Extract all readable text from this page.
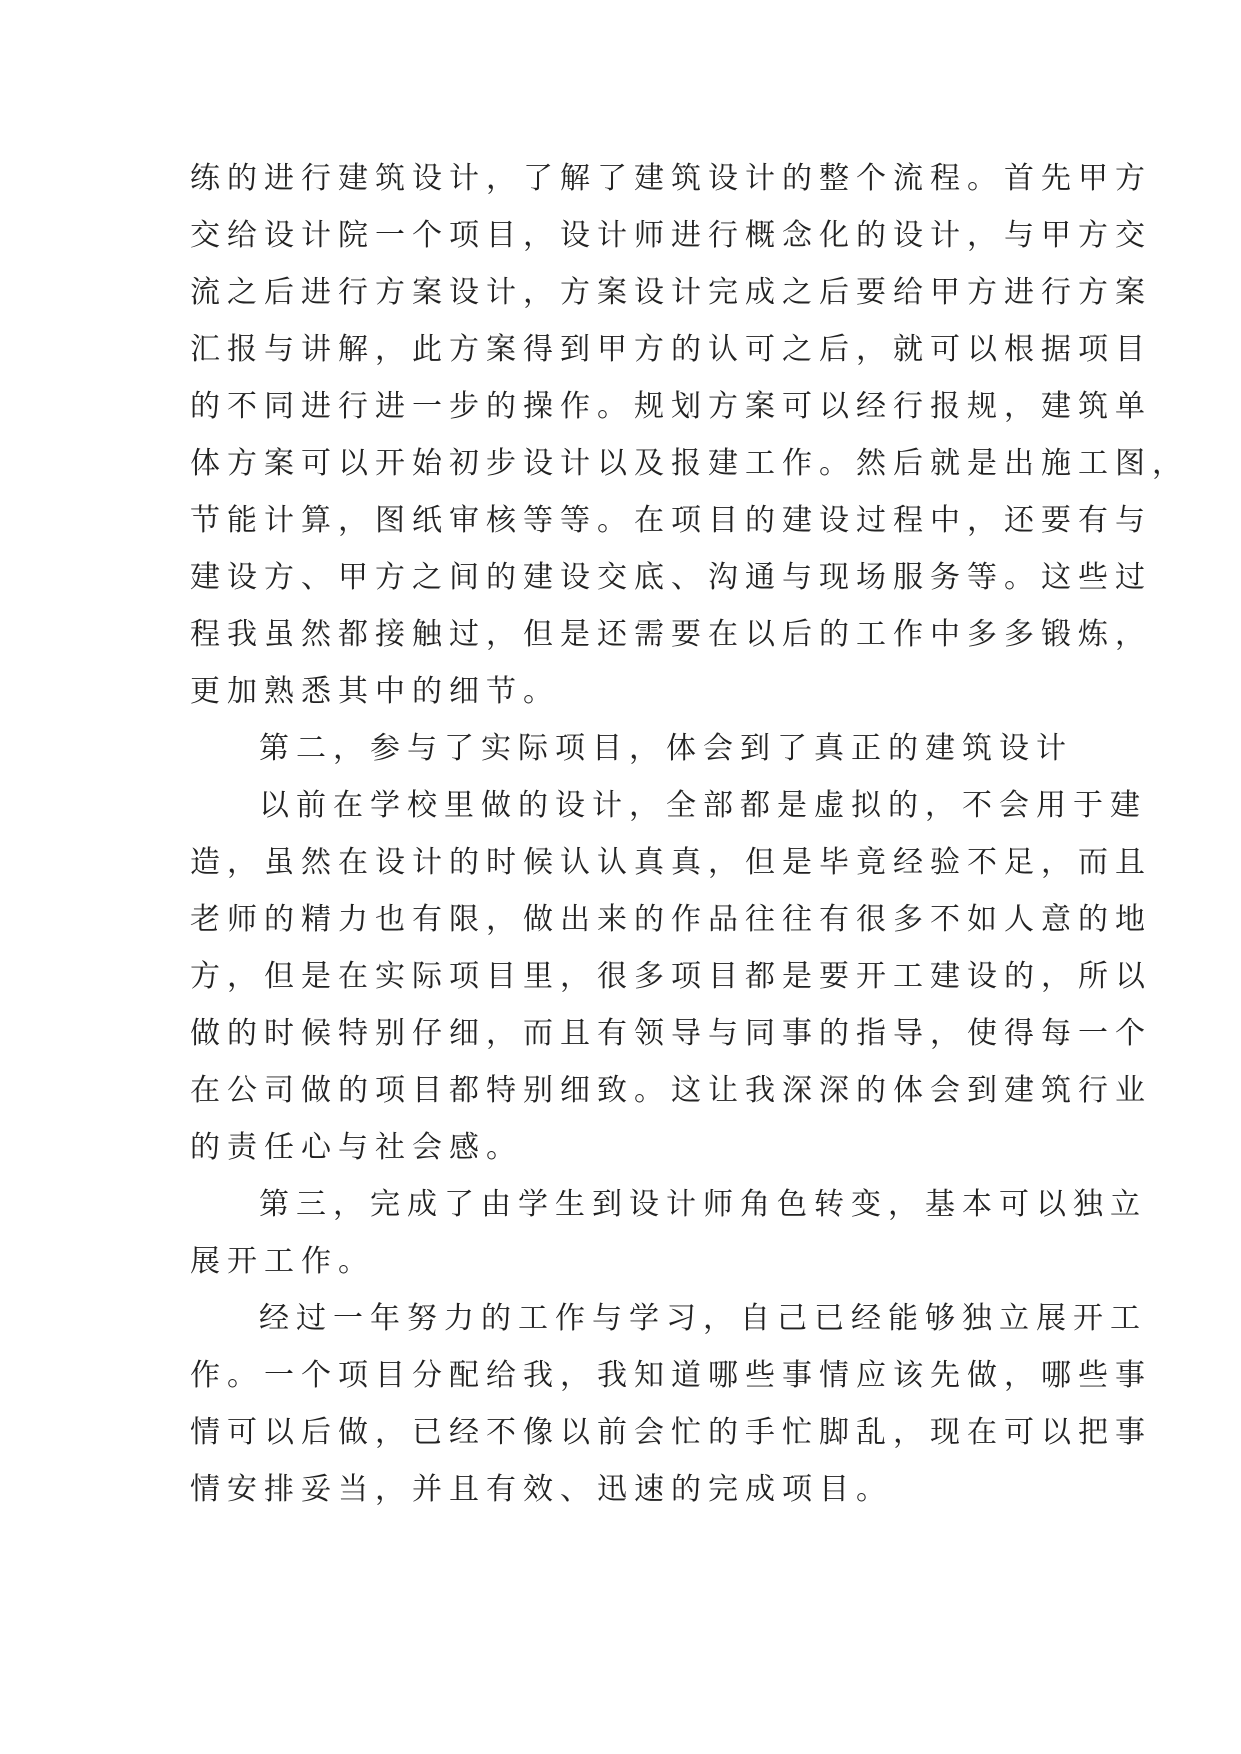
练的进行建筑设计，了解了建筑设计的整个流程。首先甲方
交给设计院一个项目，设计师进行概念化的设计，与甲方交
流之后进行方案设计，方案设计完成之后要给甲方进行方案
汇报与讲解，此方案得到甲方的认可之后，就可以根据项目
的不同进行进一步的操作。规划方案可以经行报规，建筑单
体方案可以开始初步设计以及报建工作。然后就是出施工图，
节能计算，图纸审核等等。在项目的建设过程中，还要有与
建设方、甲方之间的建设交底、沟通与现场服务等。这些过
程我虽然都接触过，但是还需要在以后的工作中多多锻炼，
更加熟悉其中的细节。
第二，参与了实际项目，体会到了真正的建筑设计
以前在学校里做的设计，全部都是虚拟的，不会用于建
造，虽然在设计的时候认认真真，但是毕竟经验不足，而且
老师的精力也有限，做出来的作品往往有很多不如人意的地
方，但是在实际项目里，很多项目都是要开工建设的，所以
做的时候特别仔细，而且有领导与同事的指导，使得每一个
在公司做的项目都特别细致。这让我深深的体会到建筑行业
的责任心与社会感。
第三，完成了由学生到设计师角色转变，基本可以独立
展开工作。
经过一年努力的工作与学习，自己已经能够独立展开工
作。一个项目分配给我，我知道哪些事情应该先做，哪些事
情可以后做，已经不像以前会忙的手忙脚乱，现在可以把事
情安排妥当，并且有效、迅速的完成项目。
